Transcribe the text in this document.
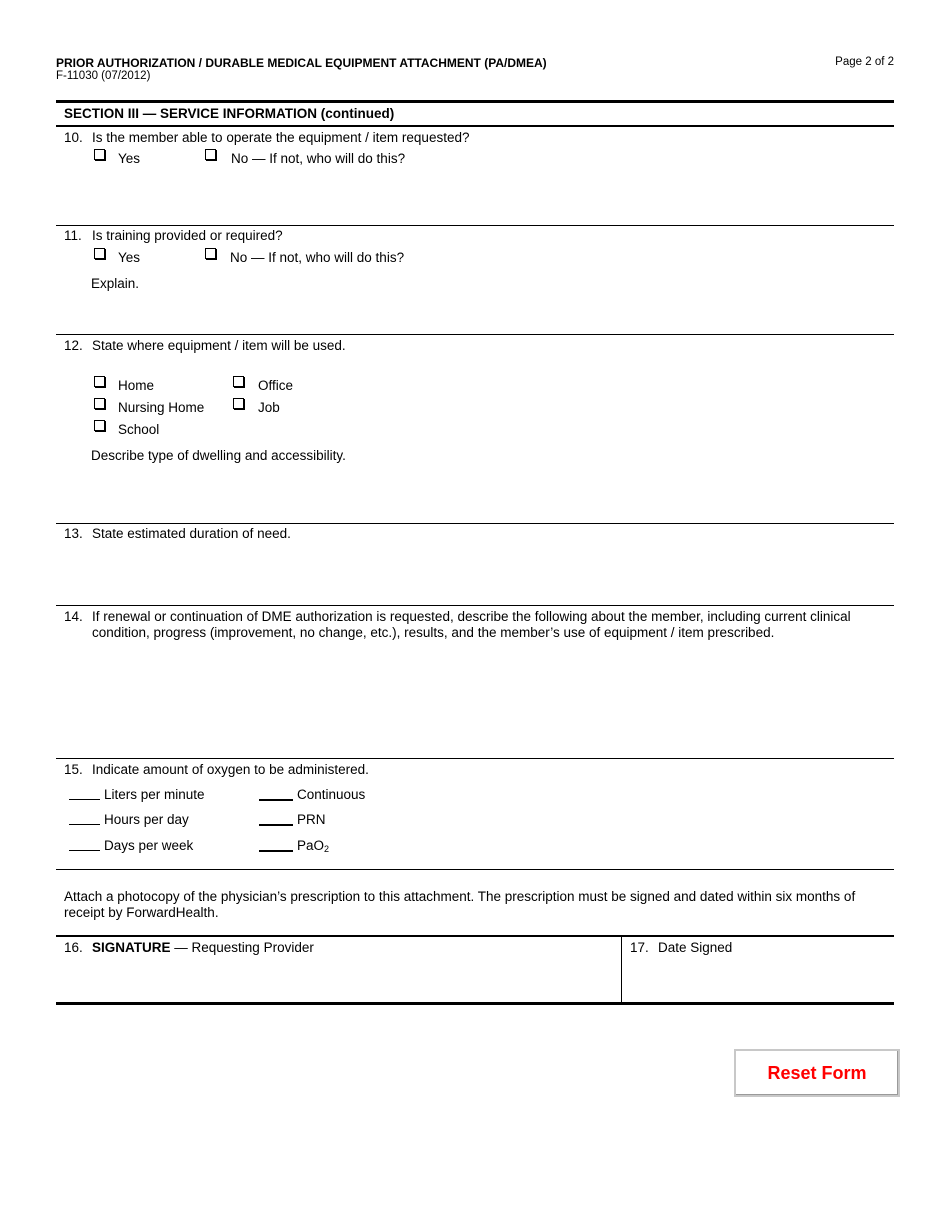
PRIOR AUTHORIZATION / DURABLE MEDICAL EQUIPMENT ATTACHMENT (PA/DMEA)
F-11030 (07/2012)
Page 2 of 2
SECTION III — SERVICE INFORMATION (continued)
10. Is the member able to operate the equipment / item requested?
Yes	No — If not, who will do this?
11. Is training provided or required?
Yes	No — If not, who will do this?
Explain.
12. State where equipment / item will be used.
Home	Office
Nursing Home	Job
School
Describe type of dwelling and accessibility.
13. State estimated duration of need.
14. If renewal or continuation of DME authorization is requested, describe the following about the member, including current clinical condition, progress (improvement, no change, etc.), results, and the member’s use of equipment / item prescribed.
15. Indicate amount of oxygen to be administered.
Liters per minute	Continuous
Hours per day	PRN
Days per week	PaO$_2$
Attach a photocopy of the physician’s prescription to this attachment. The prescription must be signed and dated within six months of receipt by ForwardHealth.
16. SIGNATURE — Requesting Provider	17. Date Signed
Reset Form
